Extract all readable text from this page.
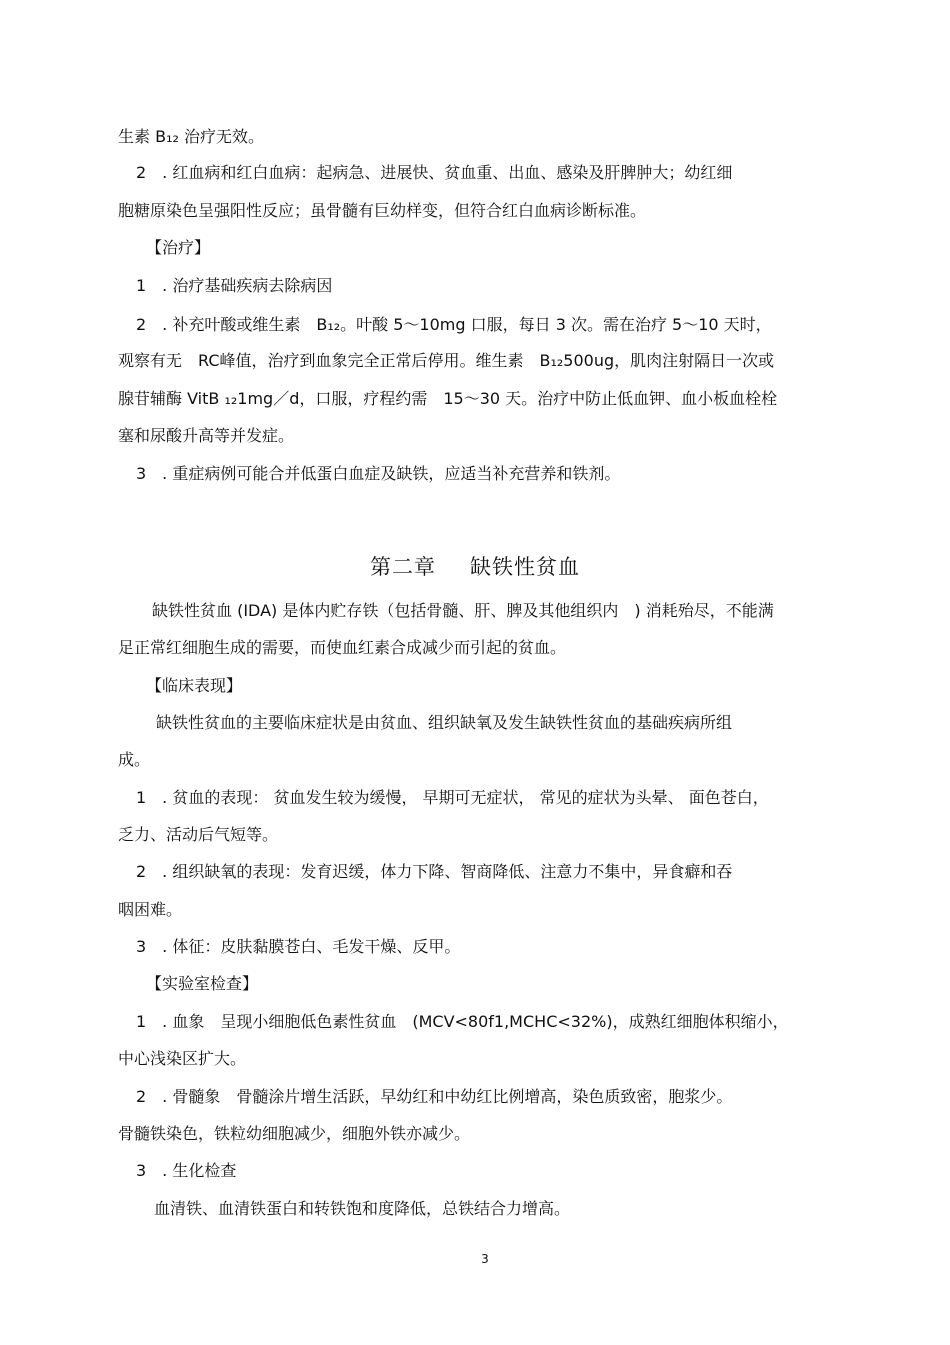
生素 B₁₂ 治疗无效。
2　. 红血病和红白血病：起病急、进展快、贫血重、出血、感染及肝脾肿大；幼红细
胞糖原染色呈强阳性反应；虽骨髓有巨幼样变，但符合红白血病诊断标准。
【治疗】
1　. 治疗基础疾病去除病因
2　. 补充叶酸或维生素　B₁₂。叶酸 5～10mg 口服，每日 3 次。需在治疗 5～10 天时，
观察有无　RC峰值，治疗到血象完全正常后停用。维生素　B₁₂500ug，肌肉注射隔日一次或
腺苷辅酶 VitB ₁₂1mg／d，口服，疗程约需　15～30 天。治疗中防止低血钾、血小板血栓栓
塞和尿酸升高等并发症。
3　. 重症病例可能合并低蛋白血症及缺铁，应适当补充营养和铁剂。
第二章 缺铁性贫血
缺铁性贫血 (IDA) 是体内贮存铁（包括骨髓、肝、脾及其他组织内　) 消耗殆尽，不能满
足正常红细胞生成的需要，而使血红素合成减少而引起的贫血。
【临床表现】
缺铁性贫血的主要临床症状是由贫血、组织缺氧及发生缺铁性贫血的基础疾病所组
成。
1　. 贫血的表现： 贫血发生较为缓慢， 早期可无症状， 常见的症状为头晕、 面色苍白，
乏力、活动后气短等。
2　. 组织缺氧的表现：发育迟缓，体力下降、智商降低、注意力不集中，异食癖和吞
咽困难。
3　. 体征：皮肤黏膜苍白、毛发干燥、反甲。
【实验室检查】
1　. 血象　呈现小细胞低色素性贫血　(MCV<80f1,MCHC<32%)，成熟红细胞体积缩小，
中心浅染区扩大。
2　. 骨髓象　骨髓涂片增生活跃，早幼红和中幼红比例增高，染色质致密，胞浆少。
骨髓铁染色，铁粒幼细胞减少，细胞外铁亦减少。
3　. 生化检查
血清铁、血清铁蛋白和转铁饱和度降低，总铁结合力增高。
3
